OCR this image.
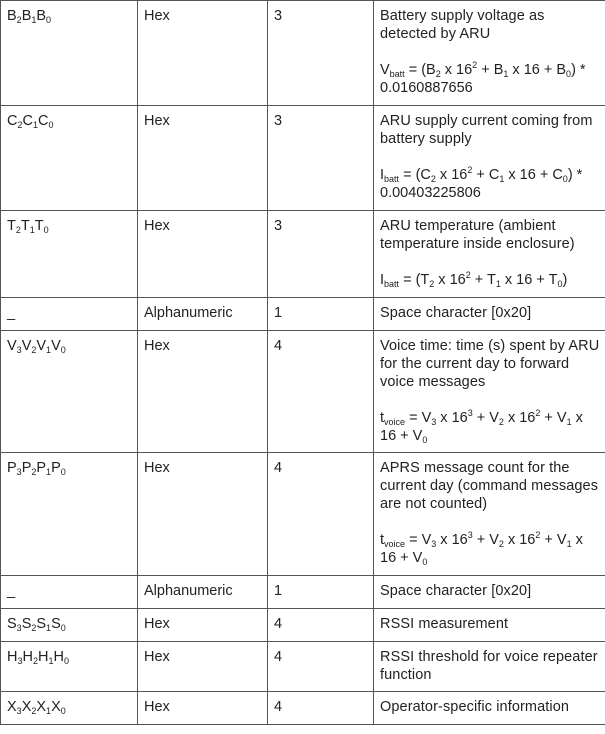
$B_2B_1B_0$	Hex	3	Battery supply voltage as detected by ARU
$V_{batt} = (B_2$ x $16^2 + B_1$ x $16 + B_0) * 0.0160887656$

$C_2C_1C_0$	Hex	3	ARU supply current coming from battery supply
$I_{batt} = (C_2$ x $16^2 + C_1$ x $16 + C_0) * 0.00403225806$

$T_2T_1T_0$	Hex	3	ARU temperature (ambient temperature inside enclosure)
$I_{batt} = (T_2$ x $16^2 + T_1$ x $16 + T_0$)

_	Alphanumeric	1	Space character [0x20]

$V_3V_2V_1V_0$	Hex	4	Voice time: time (s) spent by ARU for the current day to forward voice messages
$t_{voice} = V_3$ x $16^3 + V_2$ x $16^2 + V_1$ x $16 + V_0$

$P_3P_2P_1P_0$	Hex	4	APRS message count for the current day (command messages are not counted)
$t_{voice} = V_3$ x $16^3 + V_2$ x $16^2 + V_1$ x $16 + V_0$

_	Alphanumeric	1	Space character [0x20]

$S_3S_2S_1S_0$	Hex	4	RSSI measurement

$H_3H_2H_1H_0$	Hex	4	RSSI threshold for voice repeater function

$X_3X_2X_1X_0$	Hex	4	Operator-specific information
